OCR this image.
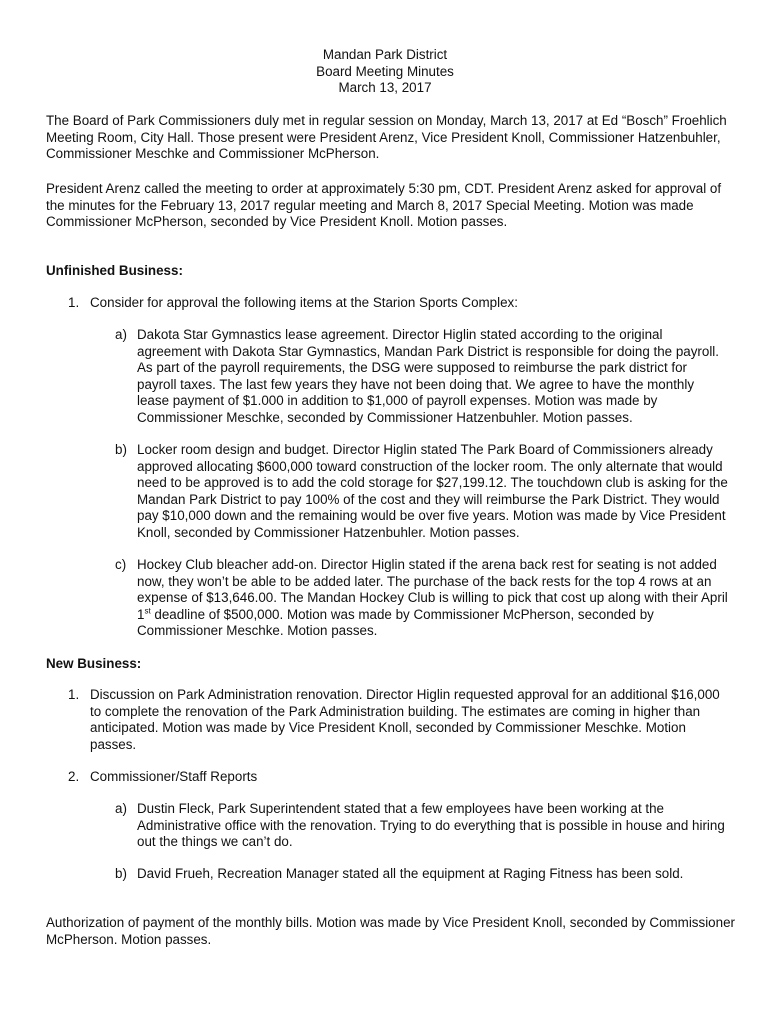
Mandan Park District
Board Meeting Minutes
March 13, 2017
The Board of Park Commissioners duly met in regular session on Monday, March 13, 2017 at Ed “Bosch” Froehlich Meeting Room, City Hall. Those present were President Arenz, Vice President Knoll, Commissioner Hatzenbuhler, Commissioner Meschke and Commissioner McPherson.
President Arenz called the meeting to order at approximately 5:30 pm, CDT. President Arenz asked for approval of the minutes for the February 13, 2017 regular meeting and March 8, 2017 Special Meeting. Motion was made Commissioner McPherson, seconded by Vice President Knoll. Motion passes.
Unfinished Business:
1. Consider for approval the following items at the Starion Sports Complex:
a) Dakota Star Gymnastics lease agreement. Director Higlin stated according to the original agreement with Dakota Star Gymnastics, Mandan Park District is responsible for doing the payroll. As part of the payroll requirements, the DSG were supposed to reimburse the park district for payroll taxes. The last few years they have not been doing that. We agree to have the monthly lease payment of $1.000 in addition to $1,000 of payroll expenses. Motion was made by Commissioner Meschke, seconded by Commissioner Hatzenbuhler. Motion passes.
b) Locker room design and budget. Director Higlin stated The Park Board of Commissioners already approved allocating $600,000 toward construction of the locker room. The only alternate that would need to be approved is to add the cold storage for $27,199.12. The touchdown club is asking for the Mandan Park District to pay 100% of the cost and they will reimburse the Park District. They would pay $10,000 down and the remaining would be over five years. Motion was made by Vice President Knoll, seconded by Commissioner Hatzenbuhler. Motion passes.
c) Hockey Club bleacher add-on. Director Higlin stated if the arena back rest for seating is not added now, they won’t be able to be added later. The purchase of the back rests for the top 4 rows at an expense of $13,646.00. The Mandan Hockey Club is willing to pick that cost up along with their April 1st deadline of $500,000. Motion was made by Commissioner McPherson, seconded by Commissioner Meschke. Motion passes.
New Business:
1. Discussion on Park Administration renovation. Director Higlin requested approval for an additional $16,000 to complete the renovation of the Park Administration building. The estimates are coming in higher than anticipated. Motion was made by Vice President Knoll, seconded by Commissioner Meschke. Motion passes.
2. Commissioner/Staff Reports
a) Dustin Fleck, Park Superintendent stated that a few employees have been working at the Administrative office with the renovation. Trying to do everything that is possible in house and hiring out the things we can’t do.
b) David Frueh, Recreation Manager stated all the equipment at Raging Fitness has been sold.
Authorization of payment of the monthly bills. Motion was made by Vice President Knoll, seconded by Commissioner McPherson. Motion passes.
